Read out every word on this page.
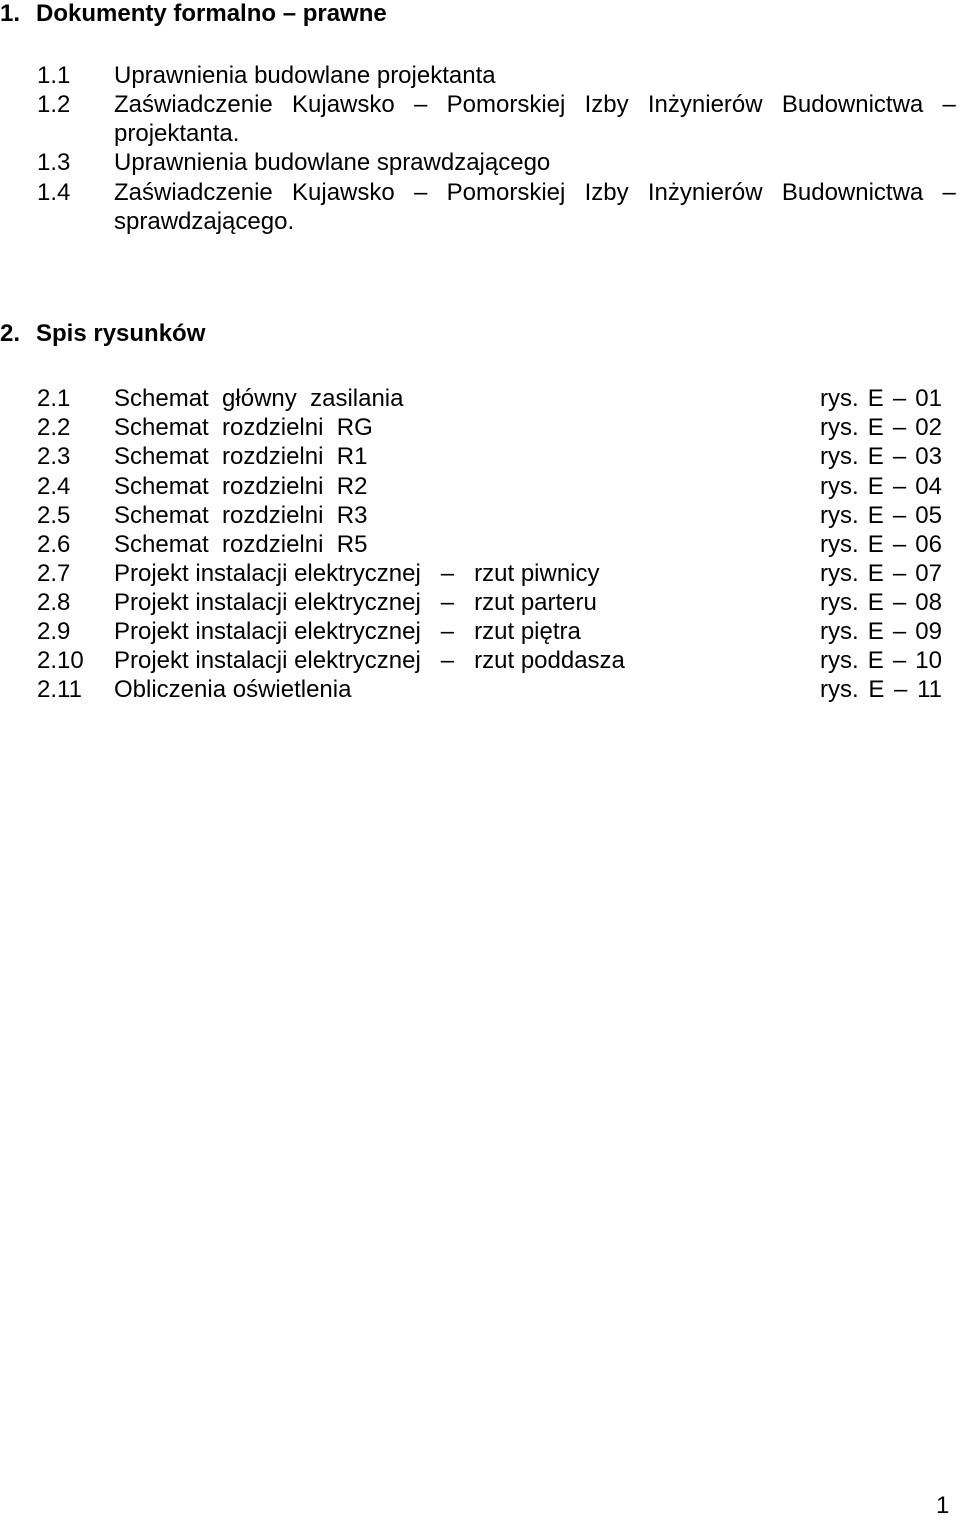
1. Dokumenty formalno – prawne
1.1 Uprawnienia budowlane projektanta
1.2 Zaświadczenie Kujawsko – Pomorskiej Izby Inżynierów Budownictwa –
projektanta.
1.3 Uprawnienia budowlane sprawdzającego
1.4 Zaświadczenie Kujawsko – Pomorskiej Izby Inżynierów Budownictwa –
sprawdzającego.
2. Spis rysunków
2.1 Schemat  główny  zasilania	rys. E – 01
2.2 Schemat  rozdzielni  RG	rys. E – 02
2.3 Schemat  rozdzielni  R1	rys. E – 03
2.4 Schemat  rozdzielni  R2	rys. E – 04
2.5 Schemat  rozdzielni  R3	rys. E – 05
2.6 Schemat  rozdzielni  R5	rys. E – 06
2.7 Projekt instalacji elektrycznej   –   rzut piwnicy	rys. E – 07
2.8 Projekt instalacji elektrycznej   –   rzut parteru	rys. E – 08
2.9 Projekt instalacji elektrycznej   –   rzut piętra	rys. E – 09
2.10 Projekt instalacji elektrycznej   –   rzut poddasza	rys. E – 10
2.11 Obliczenia oświetlenia	rys. E – 11
1
